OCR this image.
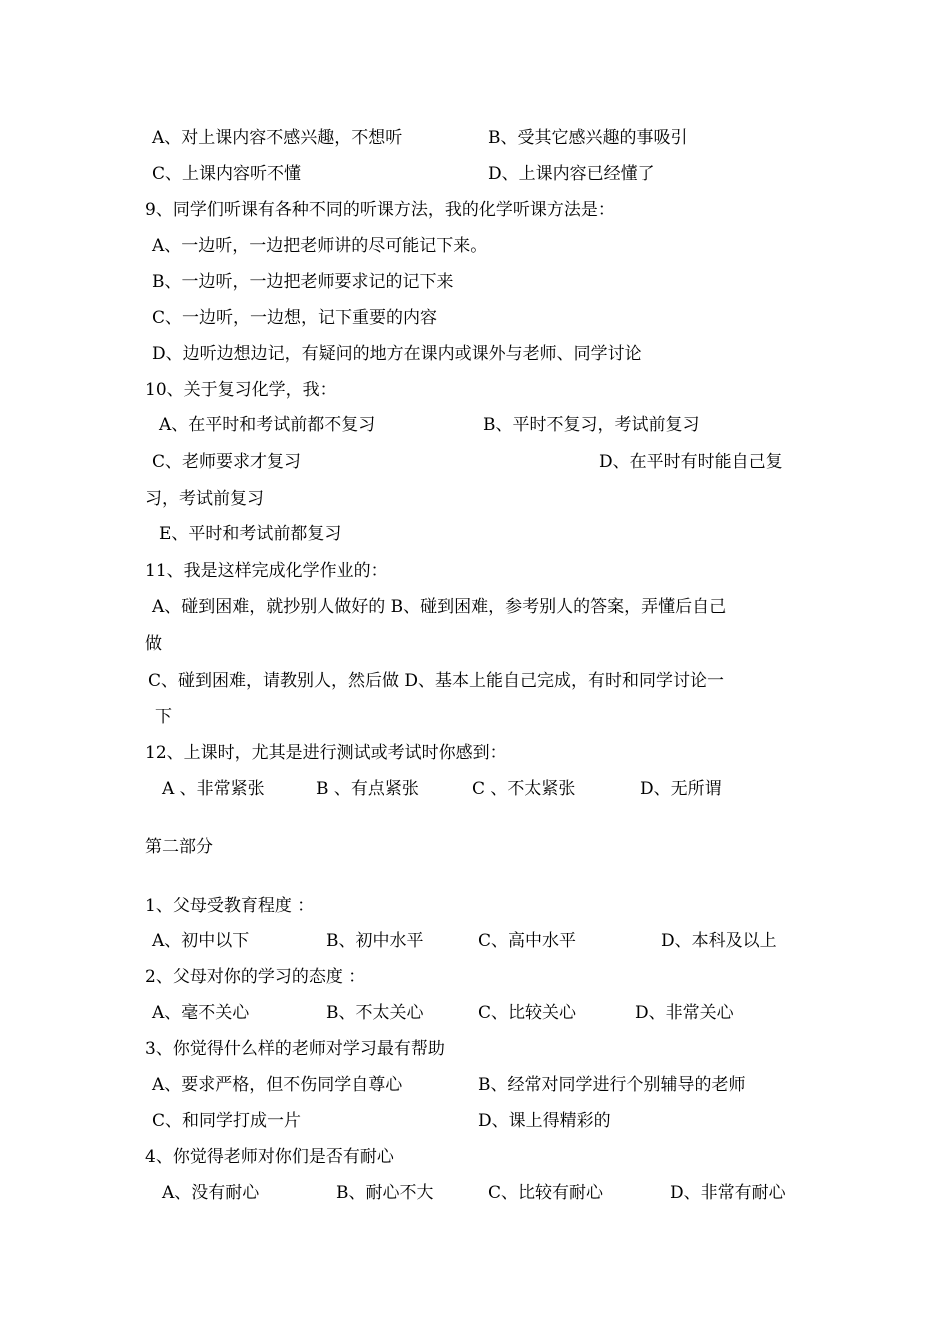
A、对上课内容不感兴趣，不想听	B、受其它感兴趣的事吸引
C、上课内容听不懂	D、上课内容已经懂了
9、同学们听课有各种不同的听课方法，我的化学听课方法是：
A、一边听，一边把老师讲的尽可能记下来。
B、一边听，一边把老师要求记的记下来
C、一边听，一边想，记下重要的内容
D、边听边想边记，有疑问的地方在课内或课外与老师、同学讨论
10、关于复习化学，我：
A、在平时和考试前都不复习	B、平时不复习，考试前复习
C、老师要求才复习	D、在平时有时能自己复
习，考试前复习
E、平时和考试前都复习
11、我是这样完成化学作业的：
A、碰到困难，就抄别人做好的 B、碰到困难，参考别人的答案，弄懂后自己
做
C、碰到困难，请教别人，然后做 D、基本上能自己完成，有时和同学讨论一
下
12、上课时，尤其是进行测试或考试时你感到：
A 、非常紧张	B 、有点紧张	C 、不太紧张	D、无所谓
第二部分
1、父母受教育程度 ：
A、初中以下	B、初中水平	C、高中水平	D、本科及以上
2、父母对你的学习的态度 ：
A、毫不关心	B、不太关心	C、比较关心	D、非常关心
3、你觉得什么样的老师对学习最有帮助
A、要求严格，但不伤同学自尊心	B、经常对同学进行个别辅导的老师
C、和同学打成一片	D、课上得精彩的
4、你觉得老师对你们是否有耐心
A、没有耐心	B、耐心不大	C、比较有耐心	D、非常有耐心
